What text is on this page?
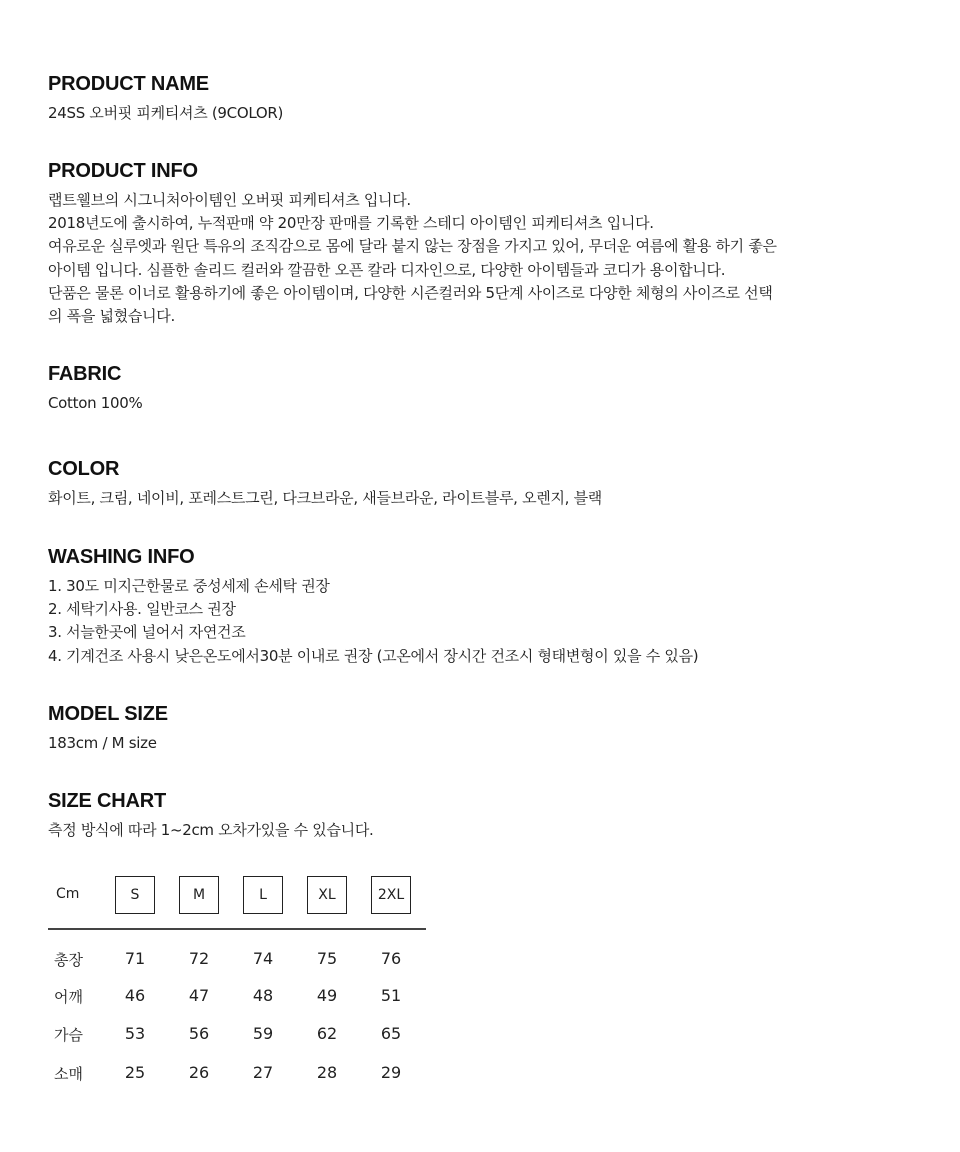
PRODUCT NAME

24SS 오버핏 피케티셔츠 (9COLOR)

PRODUCT INFO

랩트웰브의 시그니처아이템인 오버핏 피케티셔츠 입니다.
2018년도에 출시하여, 누적판매 약 20만장 판매를 기록한 스테디 아이템인 피케티셔츠 입니다.
여유로운 실루엣과 원단 특유의 조직감으로 몸에 달라 붙지 않는 장점을 가지고 있어, 무더운 여름에 활용 하기 좋은
아이템 입니다. 심플한 솔리드 컬러와 깔끔한 오픈 칼라 디자인으로, 다양한 아이템들과 코디가 용이합니다.
단품은 물론 이너로 활용하기에 좋은 아이템이며, 다양한 시즌컬러와 5단계 사이즈로 다양한 체형의 사이즈로 선택
의 폭을 넓혔습니다.

FABRIC

Cotton 100%

COLOR

화이트, 크림, 네이비, 포레스트그린, 다크브라운, 새들브라운, 라이트블루, 오렌지, 블랙

WASHING INFO

1. 30도 미지근한물로 중성세제 손세탁 권장
2. 세탁기사용. 일반코스 권장
3. 서늘한곳에 널어서 자연건조
4. 기계건조 사용시 낮은온도에서30분 이내로 권장 (고온에서 장시간 건조시 형태변형이 있을 수 있음)

MODEL SIZE

183cm / M size

SIZE CHART

측정 방식에 따라 1~2cm 오차가있을 수 있습니다.

Cm	S	M	L	XL	2XL
총장	71	72	74	75	76
어깨	46	47	48	49	51
가슴	53	56	59	62	65
소매	25	26	27	28	29
